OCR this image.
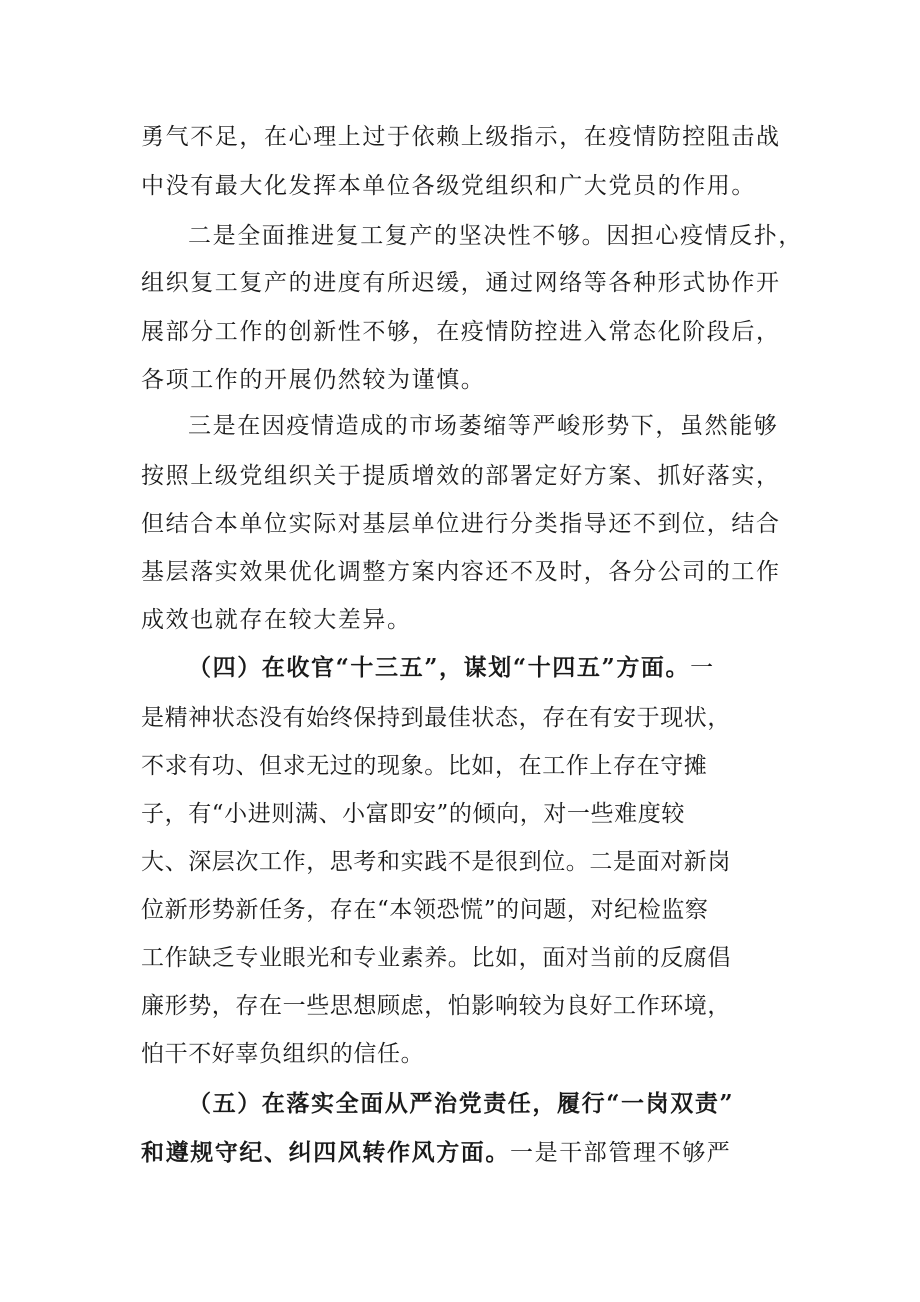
勇气不足，在心理上过于依赖上级指示，在疫情防控阻击战
中没有最大化发挥本单位各级党组织和广大党员的作用。
二是全面推进复工复产的坚决性不够。因担心疫情反扑，
组织复工复产的进度有所迟缓，通过网络等各种形式协作开
展部分工作的创新性不够，在疫情防控进入常态化阶段后，
各项工作的开展仍然较为谨慎。
三是在因疫情造成的市场萎缩等严峻形势下，虽然能够
按照上级党组织关于提质增效的部署定好方案、抓好落实，
但结合本单位实际对基层单位进行分类指导还不到位，结合
基层落实效果优化调整方案内容还不及时，各分公司的工作
成效也就存在较大差异。
（四）在收官“十三五”，谋划“十四五”方面。一
是精神状态没有始终保持到最佳状态，存在有安于现状，
不求有功、但求无过的现象。比如，在工作上存在守摊
子，有“小进则满、小富即安”的倾向，对一些难度较
大、深层次工作，思考和实践不是很到位。二是面对新岗
位新形势新任务，存在“本领恐慌”的问题，对纪检监察
工作缺乏专业眼光和专业素养。比如，面对当前的反腐倡
廉形势，存在一些思想顾虑，怕影响较为良好工作环境，
怕干不好辜负组织的信任。
（五）在落实全面从严治党责任，履行“一岗双责”
和遵规守纪、纠四风转作风方面。一是干部管理不够严
